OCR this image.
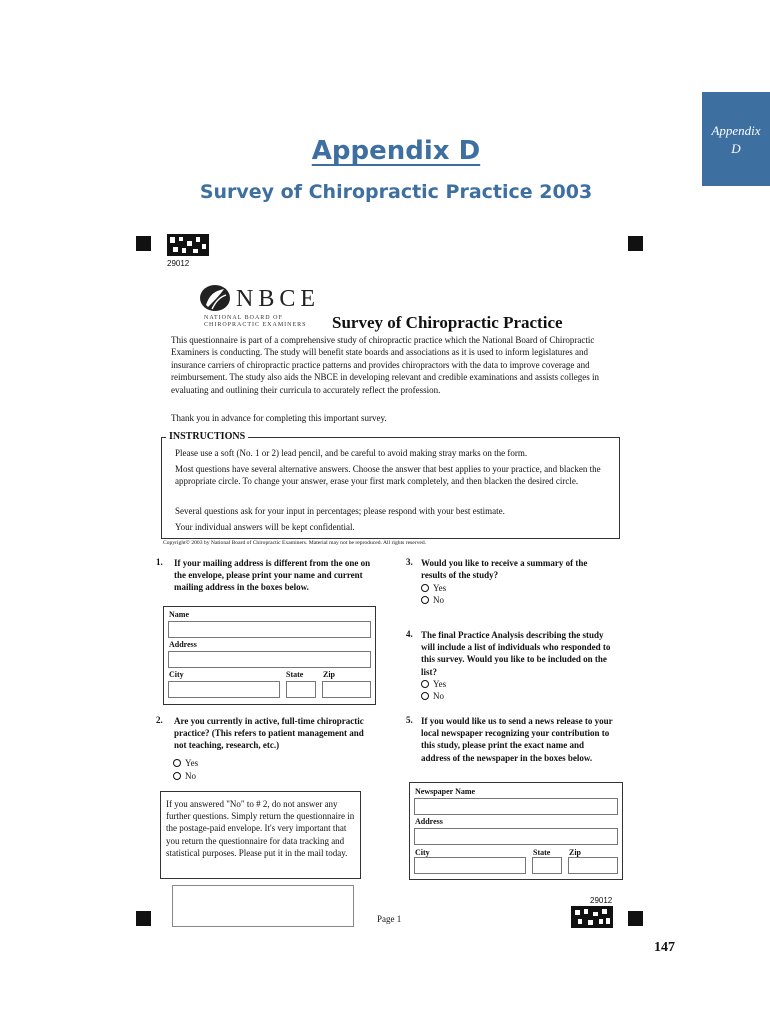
Appendix
D
Appendix D
Survey of Chiropractic Practice 2003
29012
NBCE
NATIONAL BOARD OF
CHIROPRACTIC EXAMINERS Survey of Chiropractic Practice
This questionnaire is part of a comprehensive study of chiropractic practice which the National Board of Chiropractic Examiners is conducting. The study will benefit state boards and associations as it is used to inform legislatures and insurance carriers of chiropractic practice patterns and provides chiropractors with the data to improve coverage and reimbursement. The study also aids the NBCE in developing relevant and credible examinations and assists colleges in evaluating and outlining their curricula to accurately reflect the profession.
Thank you in advance for completing this important survey.
INSTRUCTIONS
Please use a soft (No. 1 or 2) lead pencil, and be careful to avoid making stray marks on the form.
Most questions have several alternative answers. Choose the answer that best applies to your practice, and blacken the appropriate circle. To change your answer, erase your first mark completely, and then blacken the desired circle.
Several questions ask for your input in percentages; please respond with your best estimate.
Your individual answers will be kept confidential.
Copyright© 2003 by National Board of Chiropractic Examiners. Material may not be reproduced. All rights reserved.
1. If your mailing address is different from the one on the envelope, please print your name and current mailing address in the boxes below.
Name
Address
City	State Zip
2. Are you currently in active, full-time chiropractic practice? (This refers to patient management and not teaching, research, etc.)
Yes
No
If you answered "No" to # 2, do not answer any further questions. Simply return the questionnaire in the postage-paid envelope. It's very important that you return the questionnaire for data tracking and statistical purposes. Please put it in the mail today.
3. Would you like to receive a summary of the results of the study?
Yes
No
4. The final Practice Analysis describing the study will include a list of individuals who responded to this survey. Would you like to be included on the list?
Yes
No
5. If you would like us to send a news release to your local newspaper recognizing your contribution to this study, please print the exact name and address of the newspaper in the boxes below.
Newspaper Name
Address
City	State Zip
29012
Page 1
147
